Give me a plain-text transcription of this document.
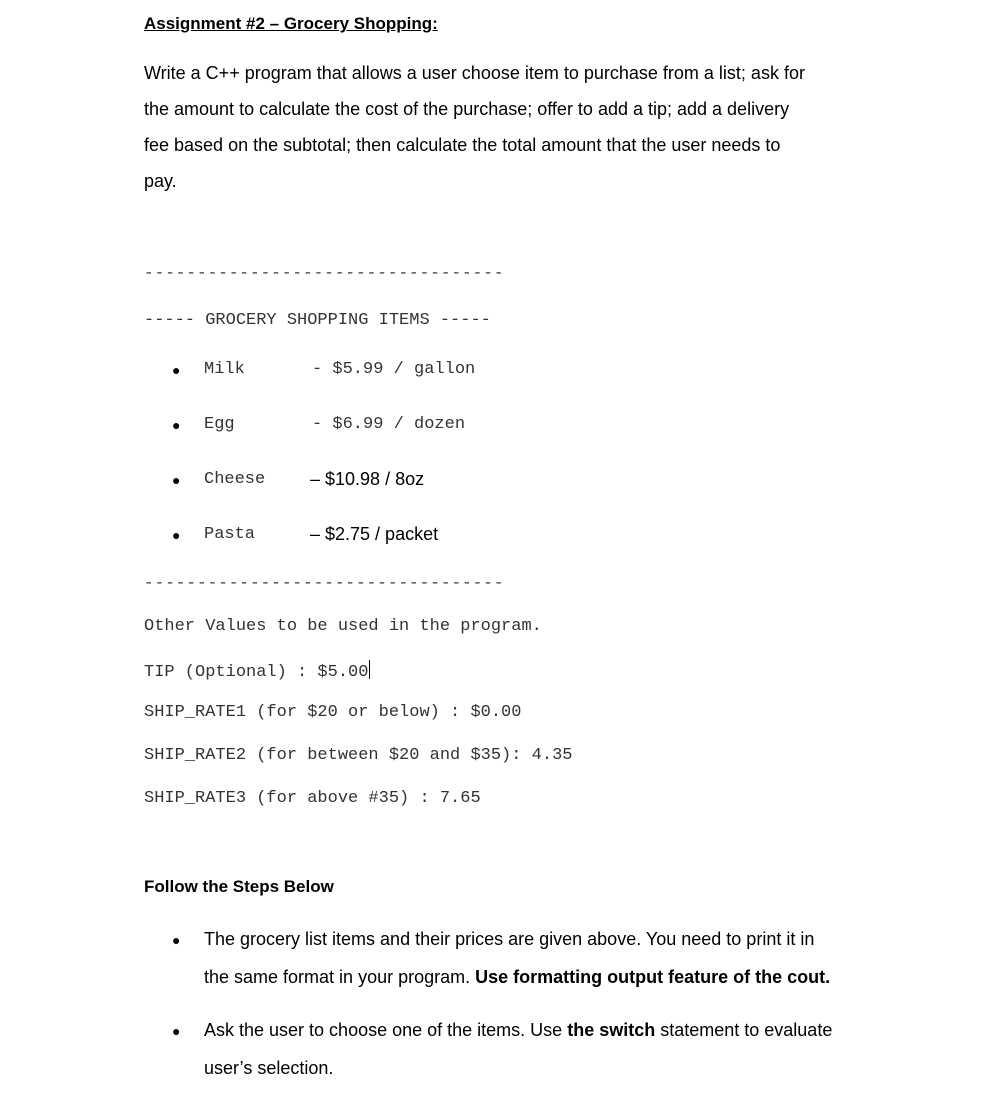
Assignment #2 – Grocery Shopping:
Write a C++ program that allows a user choose item to purchase from a list; ask for
the amount to calculate the cost of the purchase; offer to add a tip; add a delivery
fee based on the subtotal; then calculate the total amount that the user needs to
pay.
----------------------------------
----- GROCERY SHOPPING ITEMS -----
● Milk	- $5.99 / gallon
● Egg	- $6.99 / dozen
● Cheese – $10.98 / 8oz
● Pasta	– $2.75 / packet
----------------------------------
Other Values to be used in the program.
TIP (Optional) : $5.00
SHIP_RATE1 (for $20 or below) : $0.00
SHIP_RATE2 (for between $20 and $35): 4.35
SHIP_RATE3 (for above #35) : 7.65
Follow the Steps Below
● The grocery list items and their prices are given above. You need to print it in
the same format in your program. Use formatting output feature of the cout.
● Ask the user to choose one of the items. Use the switch statement to evaluate
user’s selection.
